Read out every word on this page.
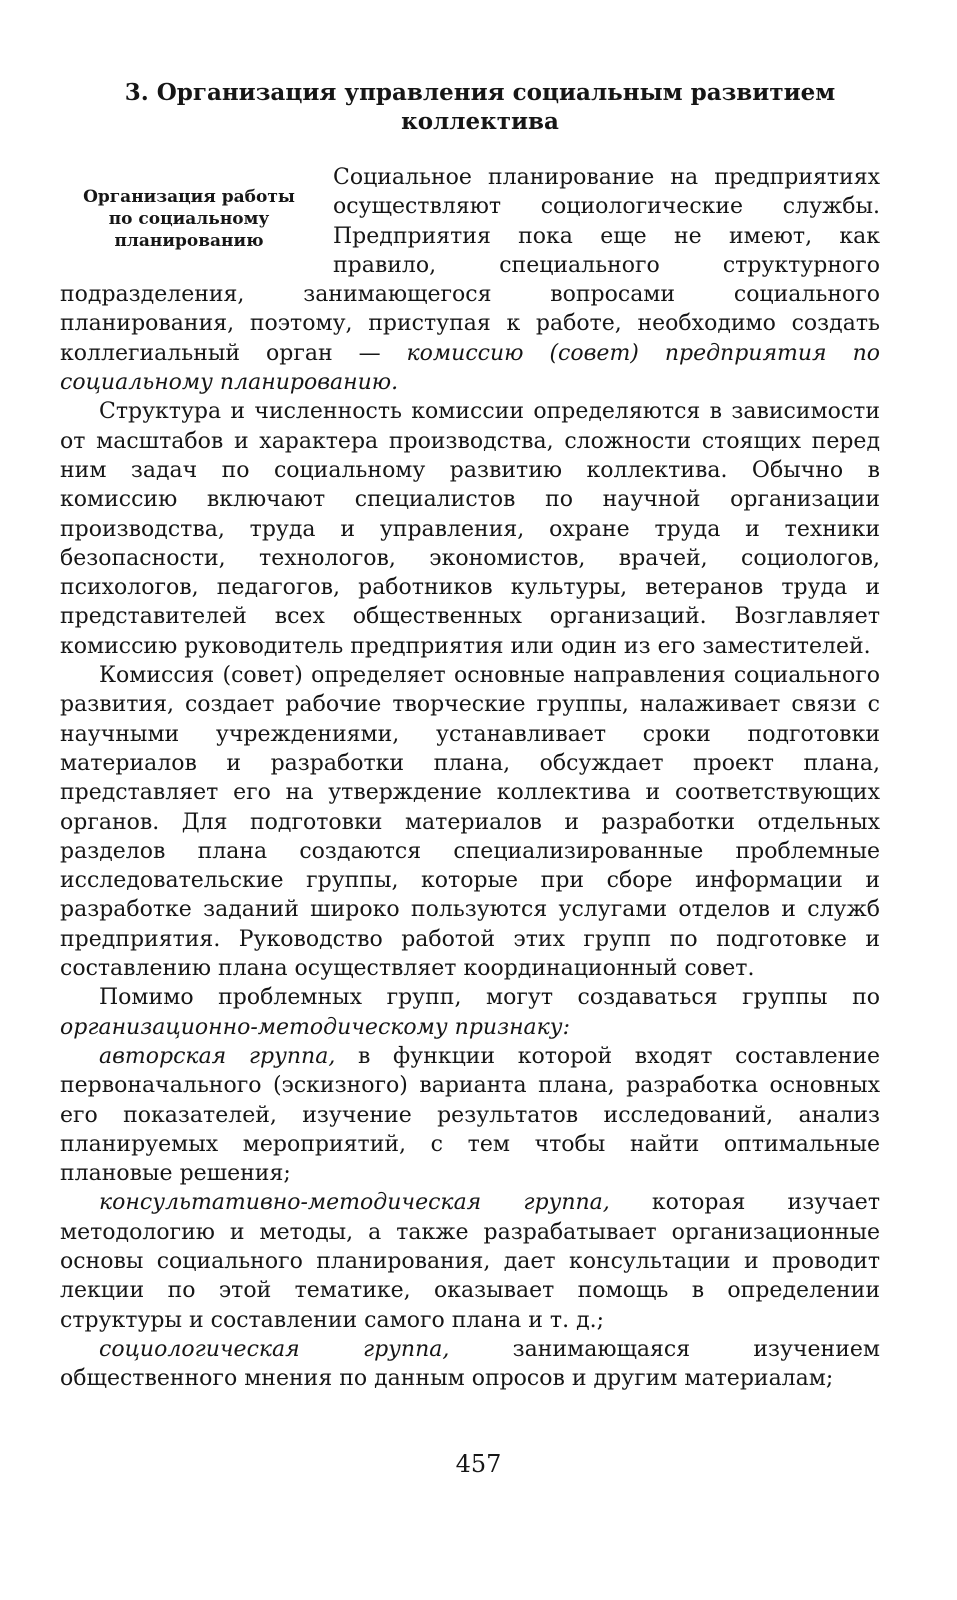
3. Организация управления социальным развитием
коллектива
Организация работы
по социальному
планированию

Социальное планирование на предприятиях осуществляют социологические службы. Предприятия пока еще не имеют, как правило, специального структурного подразделения, занимающегося вопросами социального планирования, поэтому, приступая к работе, необходимо создать коллегиальный орган — комиссию (совет) предприятия по социальному планированию.

Структура и численность комиссии определяются в зависимости от масштабов и характера производства, сложности стоящих перед ним задач по социальному развитию коллектива. Обычно в комиссию включают специалистов по научной организации производства, труда и управления, охране труда и техники безопасности, технологов, экономистов, врачей, социологов, психологов, педагогов, работников культуры, ветеранов труда и представителей всех общественных организаций. Возглавляет комиссию руководитель предприятия или один из его заместителей.

Комиссия (совет) определяет основные направления социального развития, создает рабочие творческие группы, налаживает связи с научными учреждениями, устанавливает сроки подготовки материалов и разработки плана, обсуждает проект плана, представляет его на утверждение коллектива и соответствующих органов. Для подготовки материалов и разработки отдельных разделов плана создаются специализированные проблемные исследовательские группы, которые при сборе информации и разработке заданий широко пользуются услугами отделов и служб предприятия. Руководство работой этих групп по подготовке и составлению плана осуществляет координационный совет.

Помимо проблемных групп, могут создаваться группы по организационно-методическому признаку:

авторская группа, в функции которой входят составление первоначального (эскизного) варианта плана, разработка основных его показателей, изучение результатов исследований, анализ планируемых мероприятий, с тем чтобы найти оптимальные плановые решения;

консультативно-методическая группа, которая изучает методологию и методы, а также разрабатывает организационные основы социального планирования, дает консультации и проводит лекции по этой тематике, оказывает помощь в определении структуры и составлении самого плана и т. д.;

социологическая группа, занимающаяся изучением общественного мнения по данным опросов и другим материалам;

457
